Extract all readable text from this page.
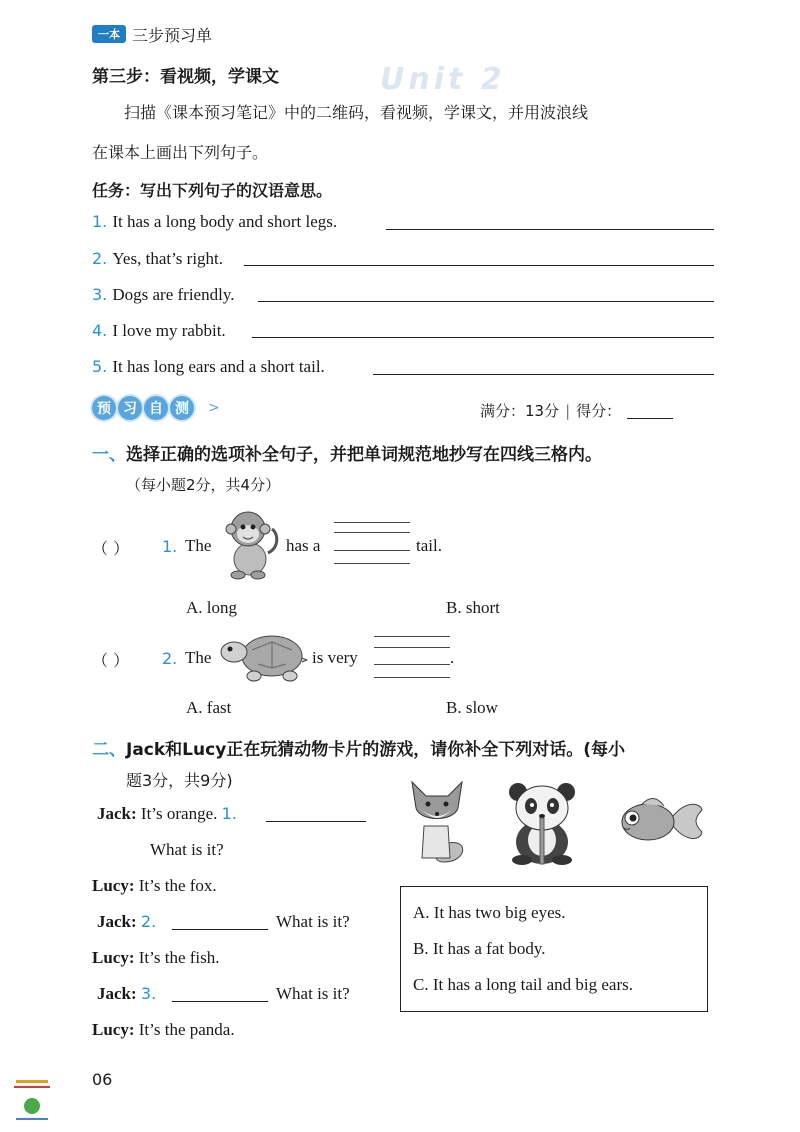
一本 三步预习单
Unit 2
第三步：看视频，学课文
扫描《课本预习笔记》中的二维码，看视频，学课文，并用波浪线
在课本上画出下列句子。
任务：写出下列句子的汉语意思。
1. It has a long body and short legs.
2. Yes, that’s right.
3. Dogs are friendly.
4. I love my rabbit.
5. It has long ears and a short tail.
预 习 自 测	>	满分：13分 | 得分：
一、选择正确的选项补全句子，并把单词规范地抄写在四线三格内。
（每小题2分，共4分）
（ ） 1. The	has a	tail.
A. long	B. short
（ ） 2. The	is very	.
A. fast	B. slow
二、Jack和Lucy正在玩猜动物卡片的游戏，请你补全下列对话。(每小
题3分，共9分)
Jack: It’s orange. 1.
What is it?
Lucy: It’s the fox.
Jack: 2.	What is it?
Lucy: It’s the fish.
Jack: 3.	What is it?
Lucy: It’s the panda.
A. It has two big eyes.
B. It has a fat body.
C. It has a long tail and big ears.
06
